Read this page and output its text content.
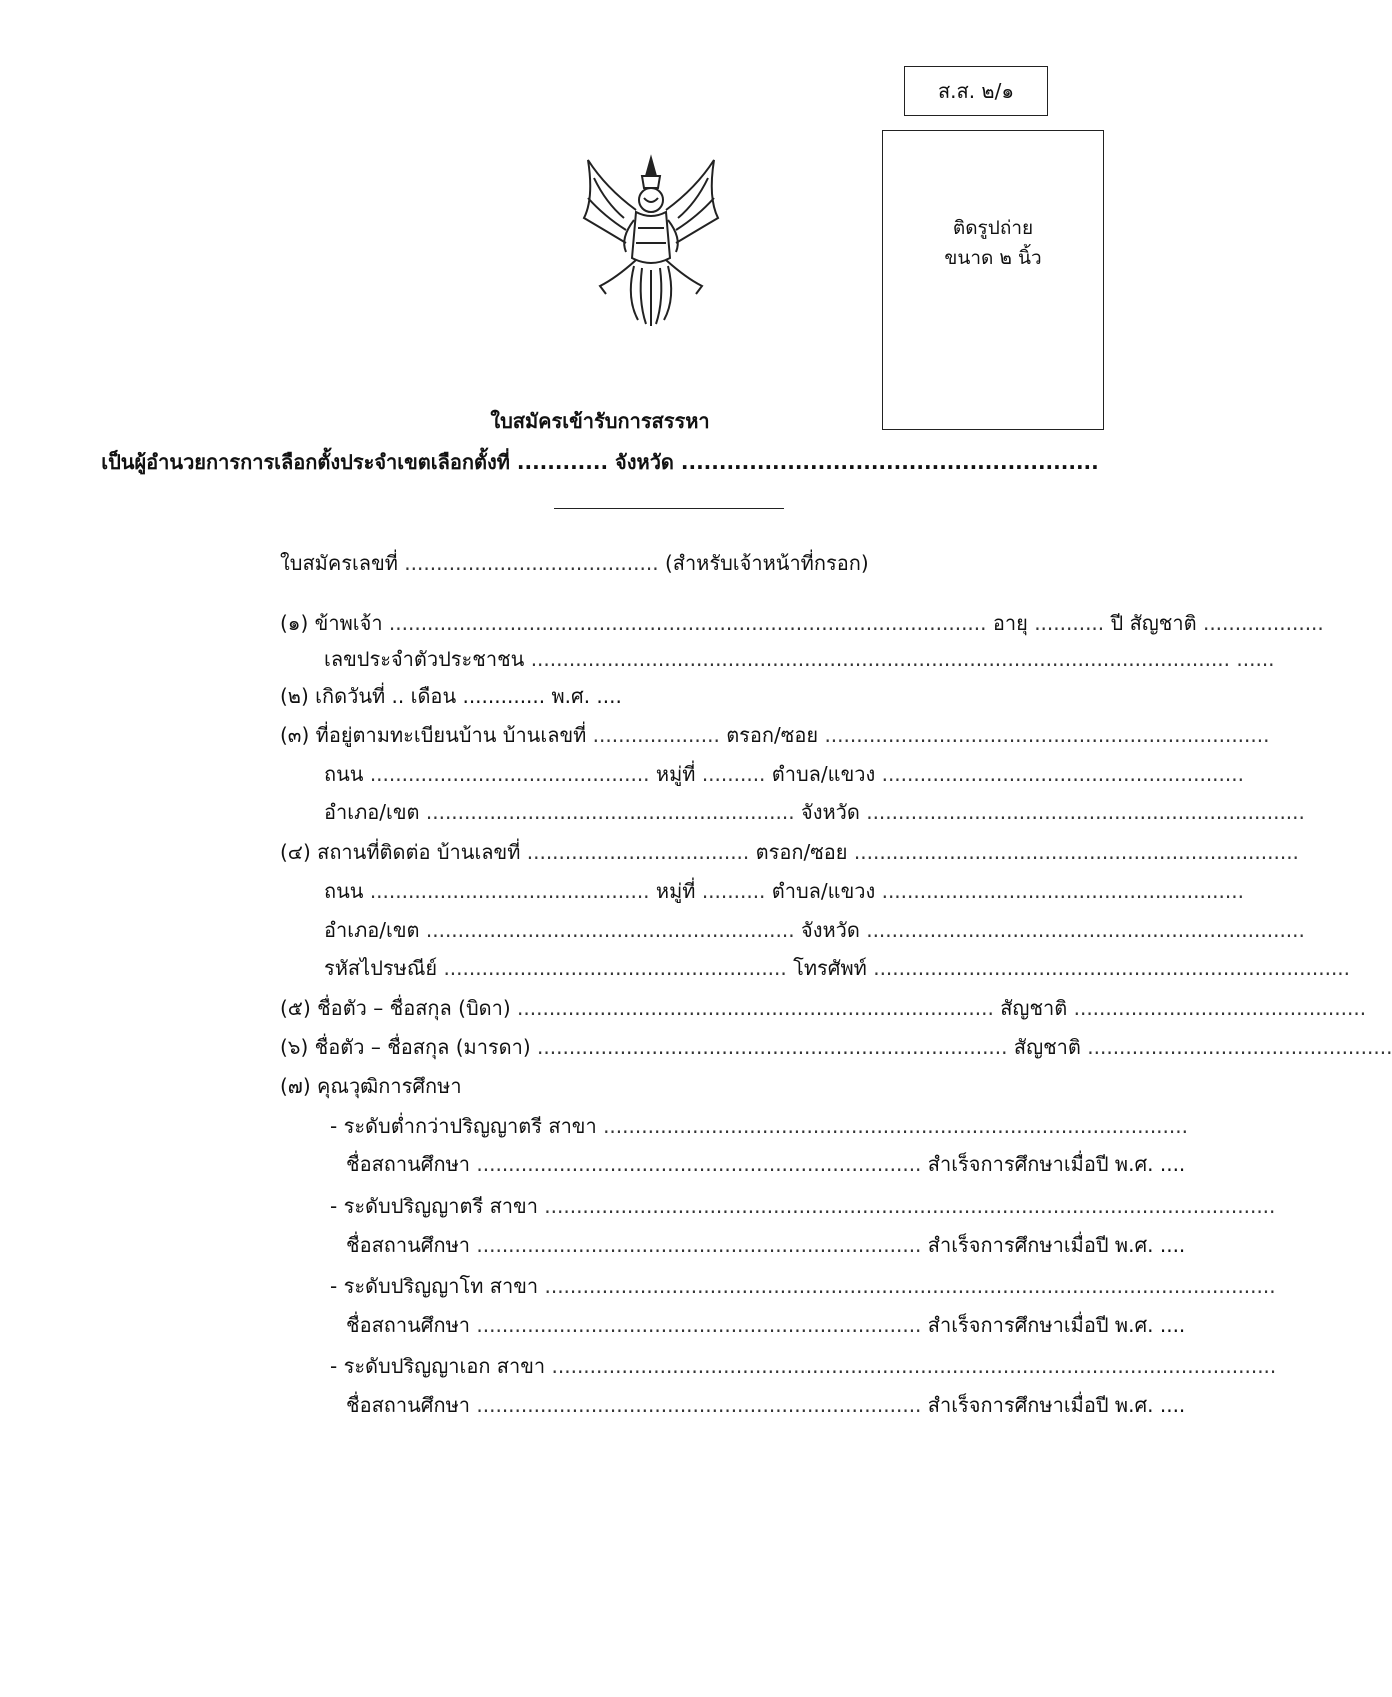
ส.ส. ๒/๑
ติดรูปถ่าย
ขนาด ๒ นิ้ว
ใบสมัครเข้ารับการสรรหา
เป็นผู้อำนวยการการเลือกตั้งประจำเขตเลือกตั้งที่ ............ จังหวัด .......................................................
ใบสมัครเลขที่ ........................................ (สำหรับเจ้าหน้าที่กรอก)
(๑) ข้าพเจ้า .............................................................................................. อายุ ........... ปี สัญชาติ ...................
เลขประจำตัวประชาชน .............................................................................................................. ......
(๒) เกิดวันที่ .. เดือน ............. พ.ศ. ....
(๓) ที่อยู่ตามทะเบียนบ้าน บ้านเลขที่ .................... ตรอก/ซอย ......................................................................
ถนน ............................................ หมู่ที่ .......... ตำบล/แขวง .........................................................
อำเภอ/เขต .......................................................... จังหวัด .....................................................................
(๔) สถานที่ติดต่อ บ้านเลขที่ ................................... ตรอก/ซอย ......................................................................
ถนน ............................................ หมู่ที่ .......... ตำบล/แขวง .........................................................
อำเภอ/เขต .......................................................... จังหวัด .....................................................................
รหัสไปรษณีย์ ...................................................... โทรศัพท์ ...........................................................................
(๕) ชื่อตัว – ชื่อสกุล (บิดา) ........................................................................... สัญชาติ ..............................................
(๖) ชื่อตัว – ชื่อสกุล (มารดา) .......................................................................... สัญชาติ ................................................
(๗) คุณวุฒิการศึกษา
- ระดับต่ำกว่าปริญญาตรี สาขา ............................................................................................
ชื่อสถานศึกษา ...................................................................... สำเร็จการศึกษาเมื่อปี พ.ศ. ....
- ระดับปริญญาตรี สาขา ...................................................................................................................
ชื่อสถานศึกษา ...................................................................... สำเร็จการศึกษาเมื่อปี พ.ศ. ....
- ระดับปริญญาโท สาขา ...................................................................................................................
ชื่อสถานศึกษา ...................................................................... สำเร็จการศึกษาเมื่อปี พ.ศ. ....
- ระดับปริญญาเอก สาขา ..................................................................................................................
ชื่อสถานศึกษา ...................................................................... สำเร็จการศึกษาเมื่อปี พ.ศ. ....
